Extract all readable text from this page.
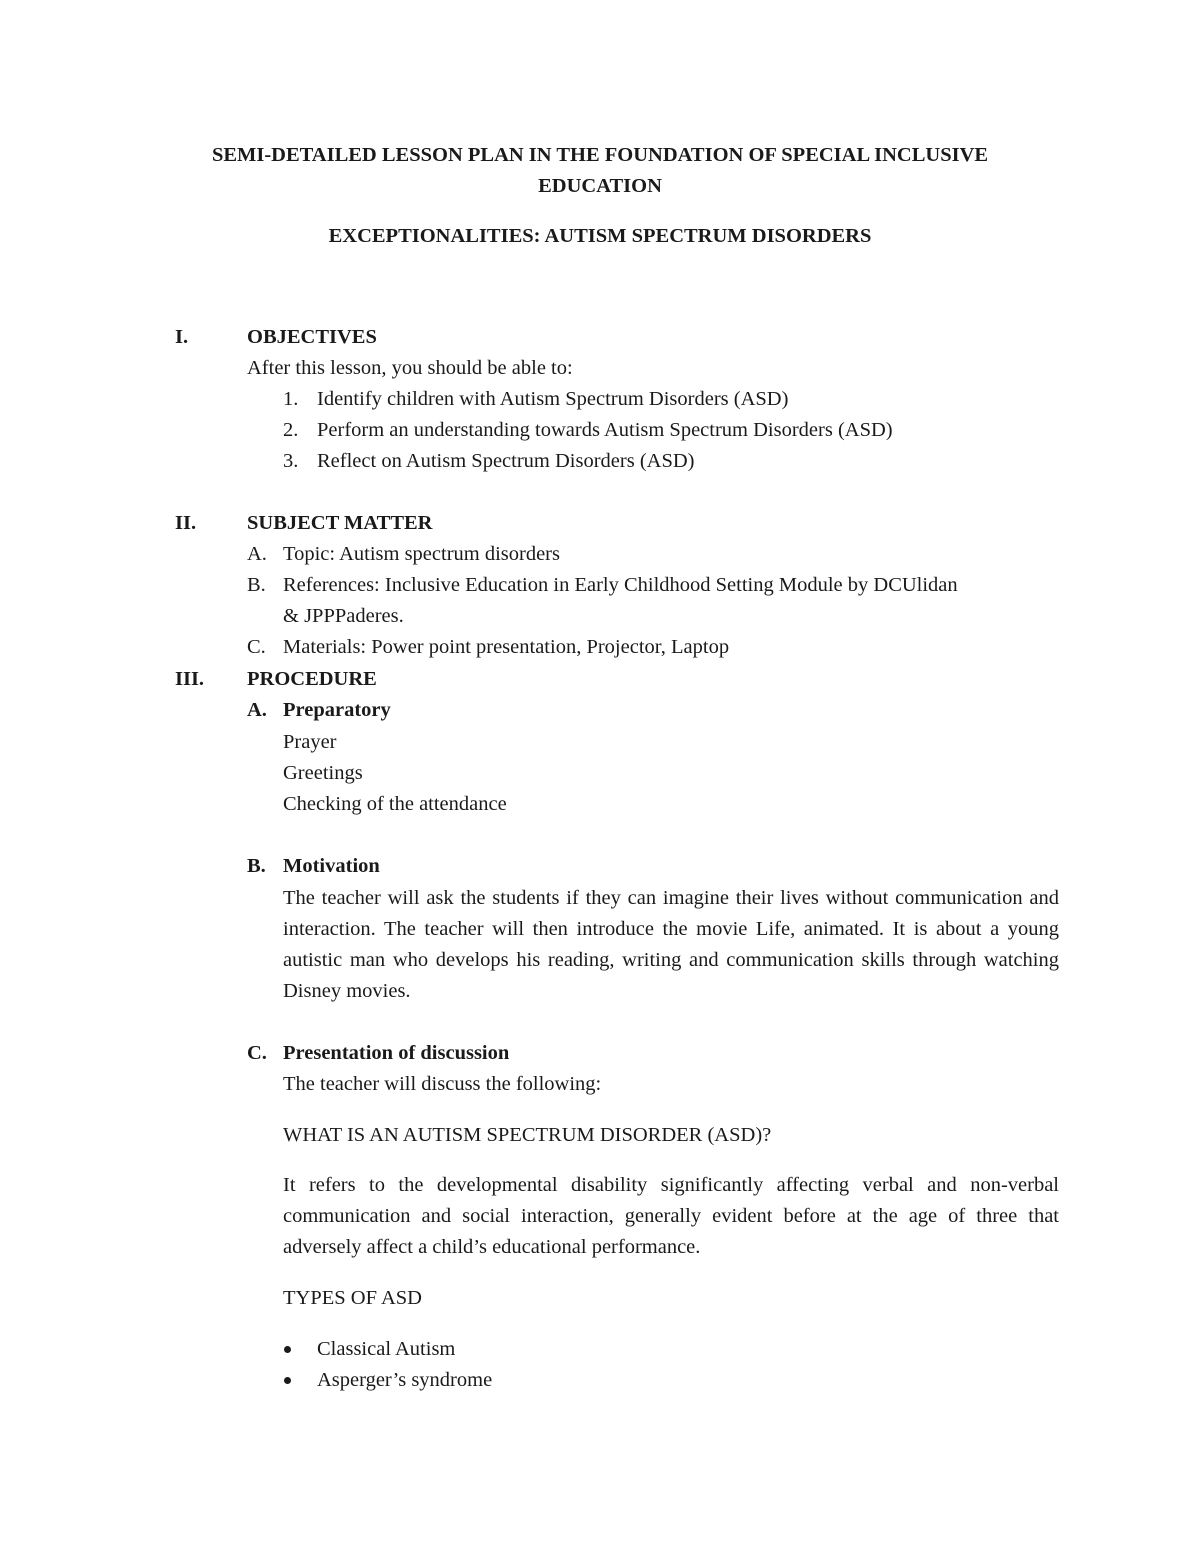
SEMI-DETAILED LESSON PLAN IN THE FOUNDATION OF SPECIAL INCLUSIVE
EDUCATION
EXCEPTIONALITIES: AUTISM SPECTRUM DISORDERS
I.	OBJECTIVES
After this lesson, you should be able to:
1. Identify children with Autism Spectrum Disorders (ASD)
2. Perform an understanding towards Autism Spectrum Disorders (ASD)
3. Reflect on Autism Spectrum Disorders (ASD)
II. SUBJECT MATTER
A. Topic: Autism spectrum disorders
B. References: Inclusive Education in Early Childhood Setting Module by DCUlidan
& JPPPaderes.
C. Materials: Power point presentation, Projector, Laptop
III. PROCEDURE
A. Preparatory
Prayer
Greetings
Checking of the attendance
B. Motivation
The teacher will ask the students if they can imagine their lives without communication and interaction. The teacher will then introduce the movie Life, animated. It is about a young autistic man who develops his reading, writing and communication skills through watching Disney movies.
C. Presentation of discussion
The teacher will discuss the following:
WHAT IS AN AUTISM SPECTRUM DISORDER (ASD)?
It refers to the developmental disability significantly affecting verbal and non-verbal communication and social interaction, generally evident before at the age of three that adversely affect a child’s educational performance.
TYPES OF ASD
Classical Autism
Asperger’s syndrome
